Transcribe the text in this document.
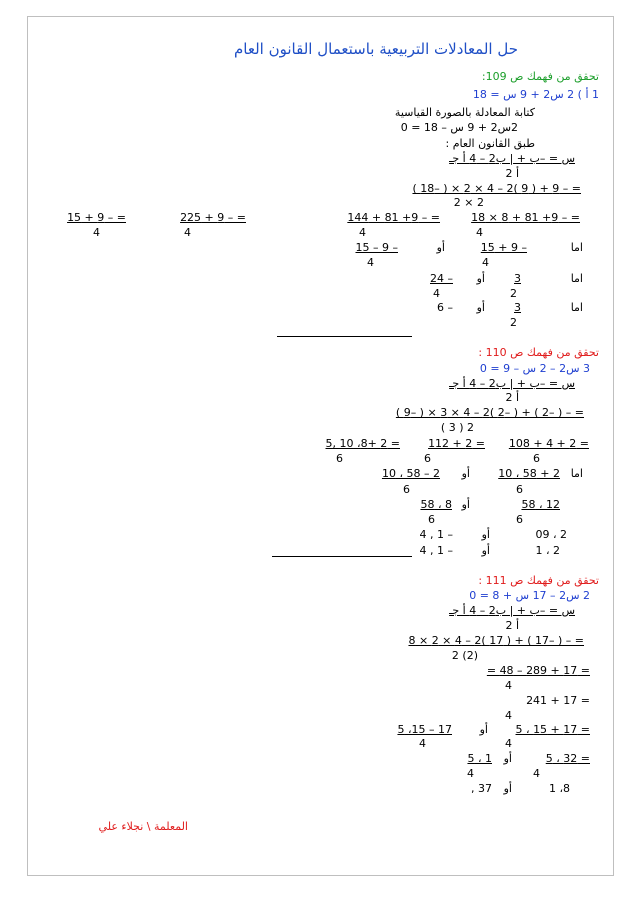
حل المعادلات التربيعية باستعمال القانون العام
تحقق من فهمك ص 109:
1 أ ) 2 س2 + 9 س = 18
كتابة المعادلة بالصورة القياسية
2س2 + 9 س – 18 = 0
طبق القانون العام :
س = –ب + | ب2 – 4 أ جـ
2 أ
= – 9 + ( 9 )2 – 4 × 2 × ( –18 )
2 × 2
= – 9+ 81 + 8 × 18
= – 9+ 81 + 144
= – 9 + 225
= – 9 + 15
4
4
4
4
اما
– 9 + 15
أو
– 9 – 15
4
4
اما
3
أو
– 24
2
4
اما
3
أو
– 6
2
تحقق من فهمك ص 110 :
3 س2 – 2 س – 9 = 0
س = –ب + | ب2 – 4 أ جـ
2 أ
= – ( –2 ) + ( –2 )2 – 4 × 3 × ( –9 )
( 3 ) 2
= 2 + 4 + 108
= 2 + 112
= 2 +8، 10 ,5
6
6
6
اما
2 + 58 ، 10
أو
2 – 58 ، 10
6
6
12 ، 58
أو
8 ، 58
6
6
2 ، 09
أو
– 1 , 4
2 ، 1
أو
– 1 , 4
تحقق من فهمك ص 111 :
2 س2 – 17 س + 8 = 0
س = –ب + | ب2 – 4 أ جـ
2 أ
= – ( –17 ) + ( 17 )2 – 4 × 2 × 8
2 (2)
= 17 + 289 – 48 =
4
= 17 + 241
4
= 17 + 15 ، 5
أو
17 – 15، 5
4
4
= 32 ، 5
أو
1 ، 5
4
4
8، 1
أو
37 ,
المعلمة \ نجلاء علي
